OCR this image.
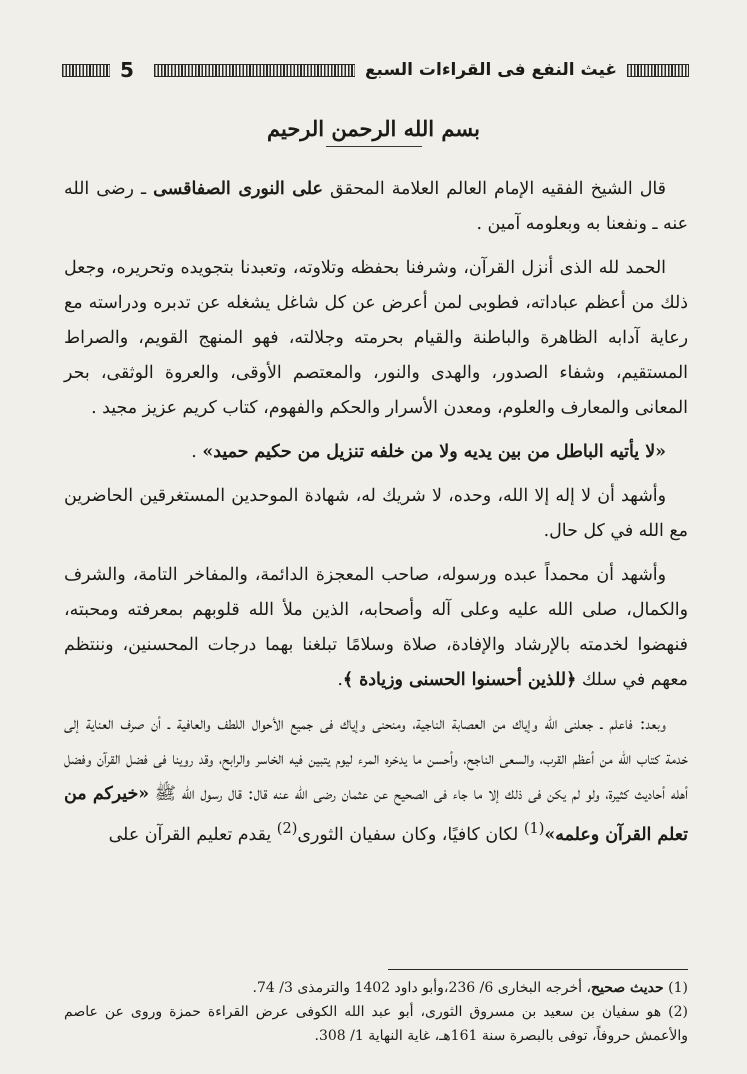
5	غيث النفع فى القراءات السبع
بسم الله الرحمن الرحيم

قال الشيخ الفقيه الإمام العالم العلامة المحقق على النورى الصفاقسى ـ رضى الله عنه ـ ونفعنا به وبعلومه آمين .

الحمد لله الذى أنزل القرآن، وشرفنا بحفظه وتلاوته، وتعبدنا بتجويده وتحريره، وجعل ذلك من أعظم عباداته، فطوبى لمن أعرض عن كل شاغل يشغله عن تدبره ودراسته مع رعاية آدابه الظاهرة والباطنة والقيام بحرمته وجلالته، فهو المنهج القويم، والصراط المستقيم، وشفاء الصدور، والهدى والنور، والمعتصم الأوقى، والعروة الوثقى، بحر المعانى والمعارف والعلوم، ومعدن الأسرار والحكم والفهوم، كتاب كريم عزيز مجيد .

«لا يأتيه الباطل من بين يديه ولا من خلفه تنزيل من حكيم حميد» .

وأشهد أن لا إله إلا الله، وحده، لا شريك له، شهادة الموحدين المستغرقين الحاضرين مع الله في كل حال.

وأشهد أن محمداً عبده ورسوله، صاحب المعجزة الدائمة، والمفاخر التامة، والشرف والكمال، صلى الله عليه وعلى آله وأصحابه، الذين ملأ الله قلوبهم بمعرفته ومحبته، فنهضوا لخدمته بالإرشاد والإفادة، صلاة وسلامًا تبلغنا بهما درجات المحسنين، وننتظم معهم في سلك ﴿للذين أحسنوا الحسنى وزيادة ﴾.

وبعد: فاعلم ـ جعلنى الله وإياك من العصابة الناجية، ومنحنى وإياك فى جميع الأحوال اللطف والعافية ـ أن صرف العناية إلى خدمة كتاب الله من أعظم القرب، والسعى الناجح، وأحسن ما يدخره المرء ليوم يتبين فيه الخاسر والرابح، وقد روينا فى فضل القرآن وفضل أهله أحاديث كثيرة، ولو لم يكن فى ذلك إلا ما جاء فى الصحيح عن عثمان رضى الله عنه قال: قال رسول الله ﷺ «خيركم من تعلم القرآن وعلمه»$^{(1)}$ لكان كافيًا، وكان سفيان الثورى$^{(2)}$ يقدم تعليم القرآن على

(1) حديث صحيح، أخرجه البخارى 6/ 236،وأبو داود 1402 والترمذى 3/ 74.

(2) هو سفيان بن سعيد بن مسروق الثورى، أبو عبد الله الكوفى عرض القراءة حمزة وروى عن عاصم والأعمش حروفاً، توفى بالبصرة سنة 161هـ، غاية النهاية 1/ 308.
